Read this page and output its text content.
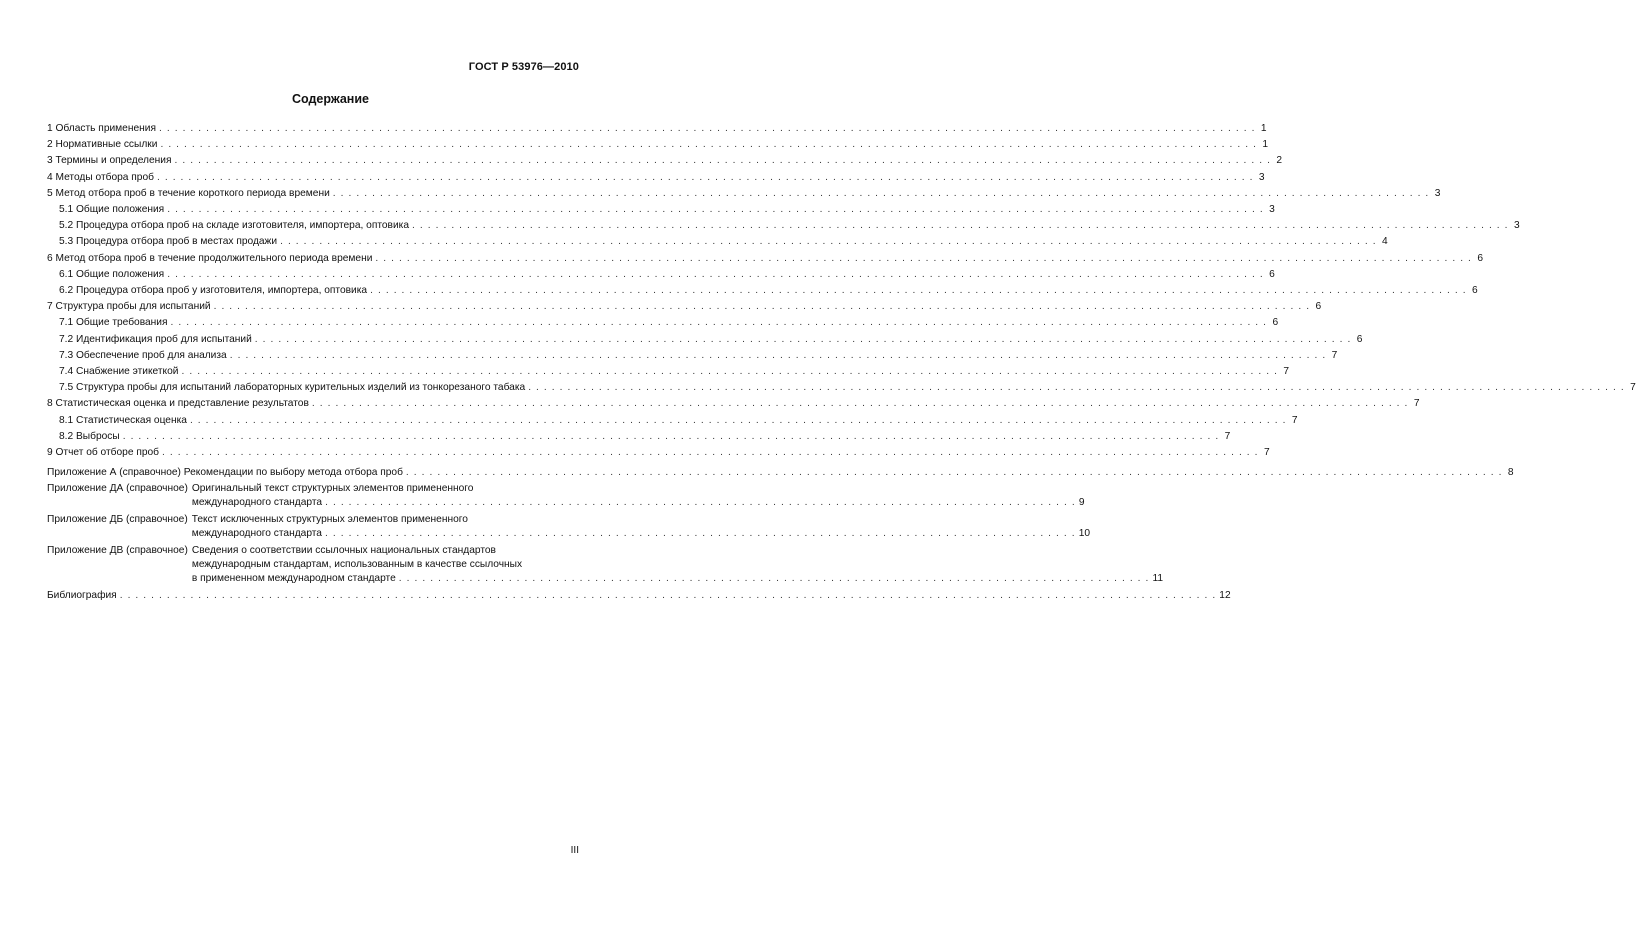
ГОСТ Р 53976—2010
Содержание
1 Область применения . . .	1
2 Нормативные ссылки . . .	1
3 Термины и определения . . .	2
4 Методы отбора проб . . .	3
5 Метод отбора проб в течение короткого периода времени . . .	3
5.1 Общие положения . . .	3
5.2 Процедура отбора проб на складе изготовителя, импортера, оптовика . . .	3
5.3 Процедура отбора проб в местах продажи . . .	4
6 Метод отбора проб в течение продолжительного периода времени . . .	6
6.1 Общие положения . . .	6
6.2 Процедура отбора проб у изготовителя, импортера, оптовика . . .	6
7 Структура пробы для испытаний . . .	6
7.1 Общие требования . . .	6
7.2 Идентификация проб для испытаний . . .	6
7.3 Обеспечение проб для анализа . . .	7
7.4 Снабжение этикеткой . . .	7
7.5 Структура пробы для испытаний лабораторных курительных изделий из тонкорезаного табака . . .	7
8 Статистическая оценка и представление результатов . . .	7
8.1 Статистическая оценка . . .	7
8.2 Выбросы . . .	7
9 Отчет об отборе проб . . .	7
Приложение А (справочное) Рекомендации по выбору метода отбора проб . . .	8
Приложение ДА (справочное) Оригинальный текст структурных элементов примененного
международного стандарта . . .	9
Приложение ДБ (справочное) Текст исключенных структурных элементов примененного
международного стандарта . . .	10
Приложение ДВ (справочное) Сведения о соответствии ссылочных национальных стандартов
международным стандартам, использованным в качестве ссылочных
в примененном международном стандарте . . .	11
Библиография . . .	12
III
